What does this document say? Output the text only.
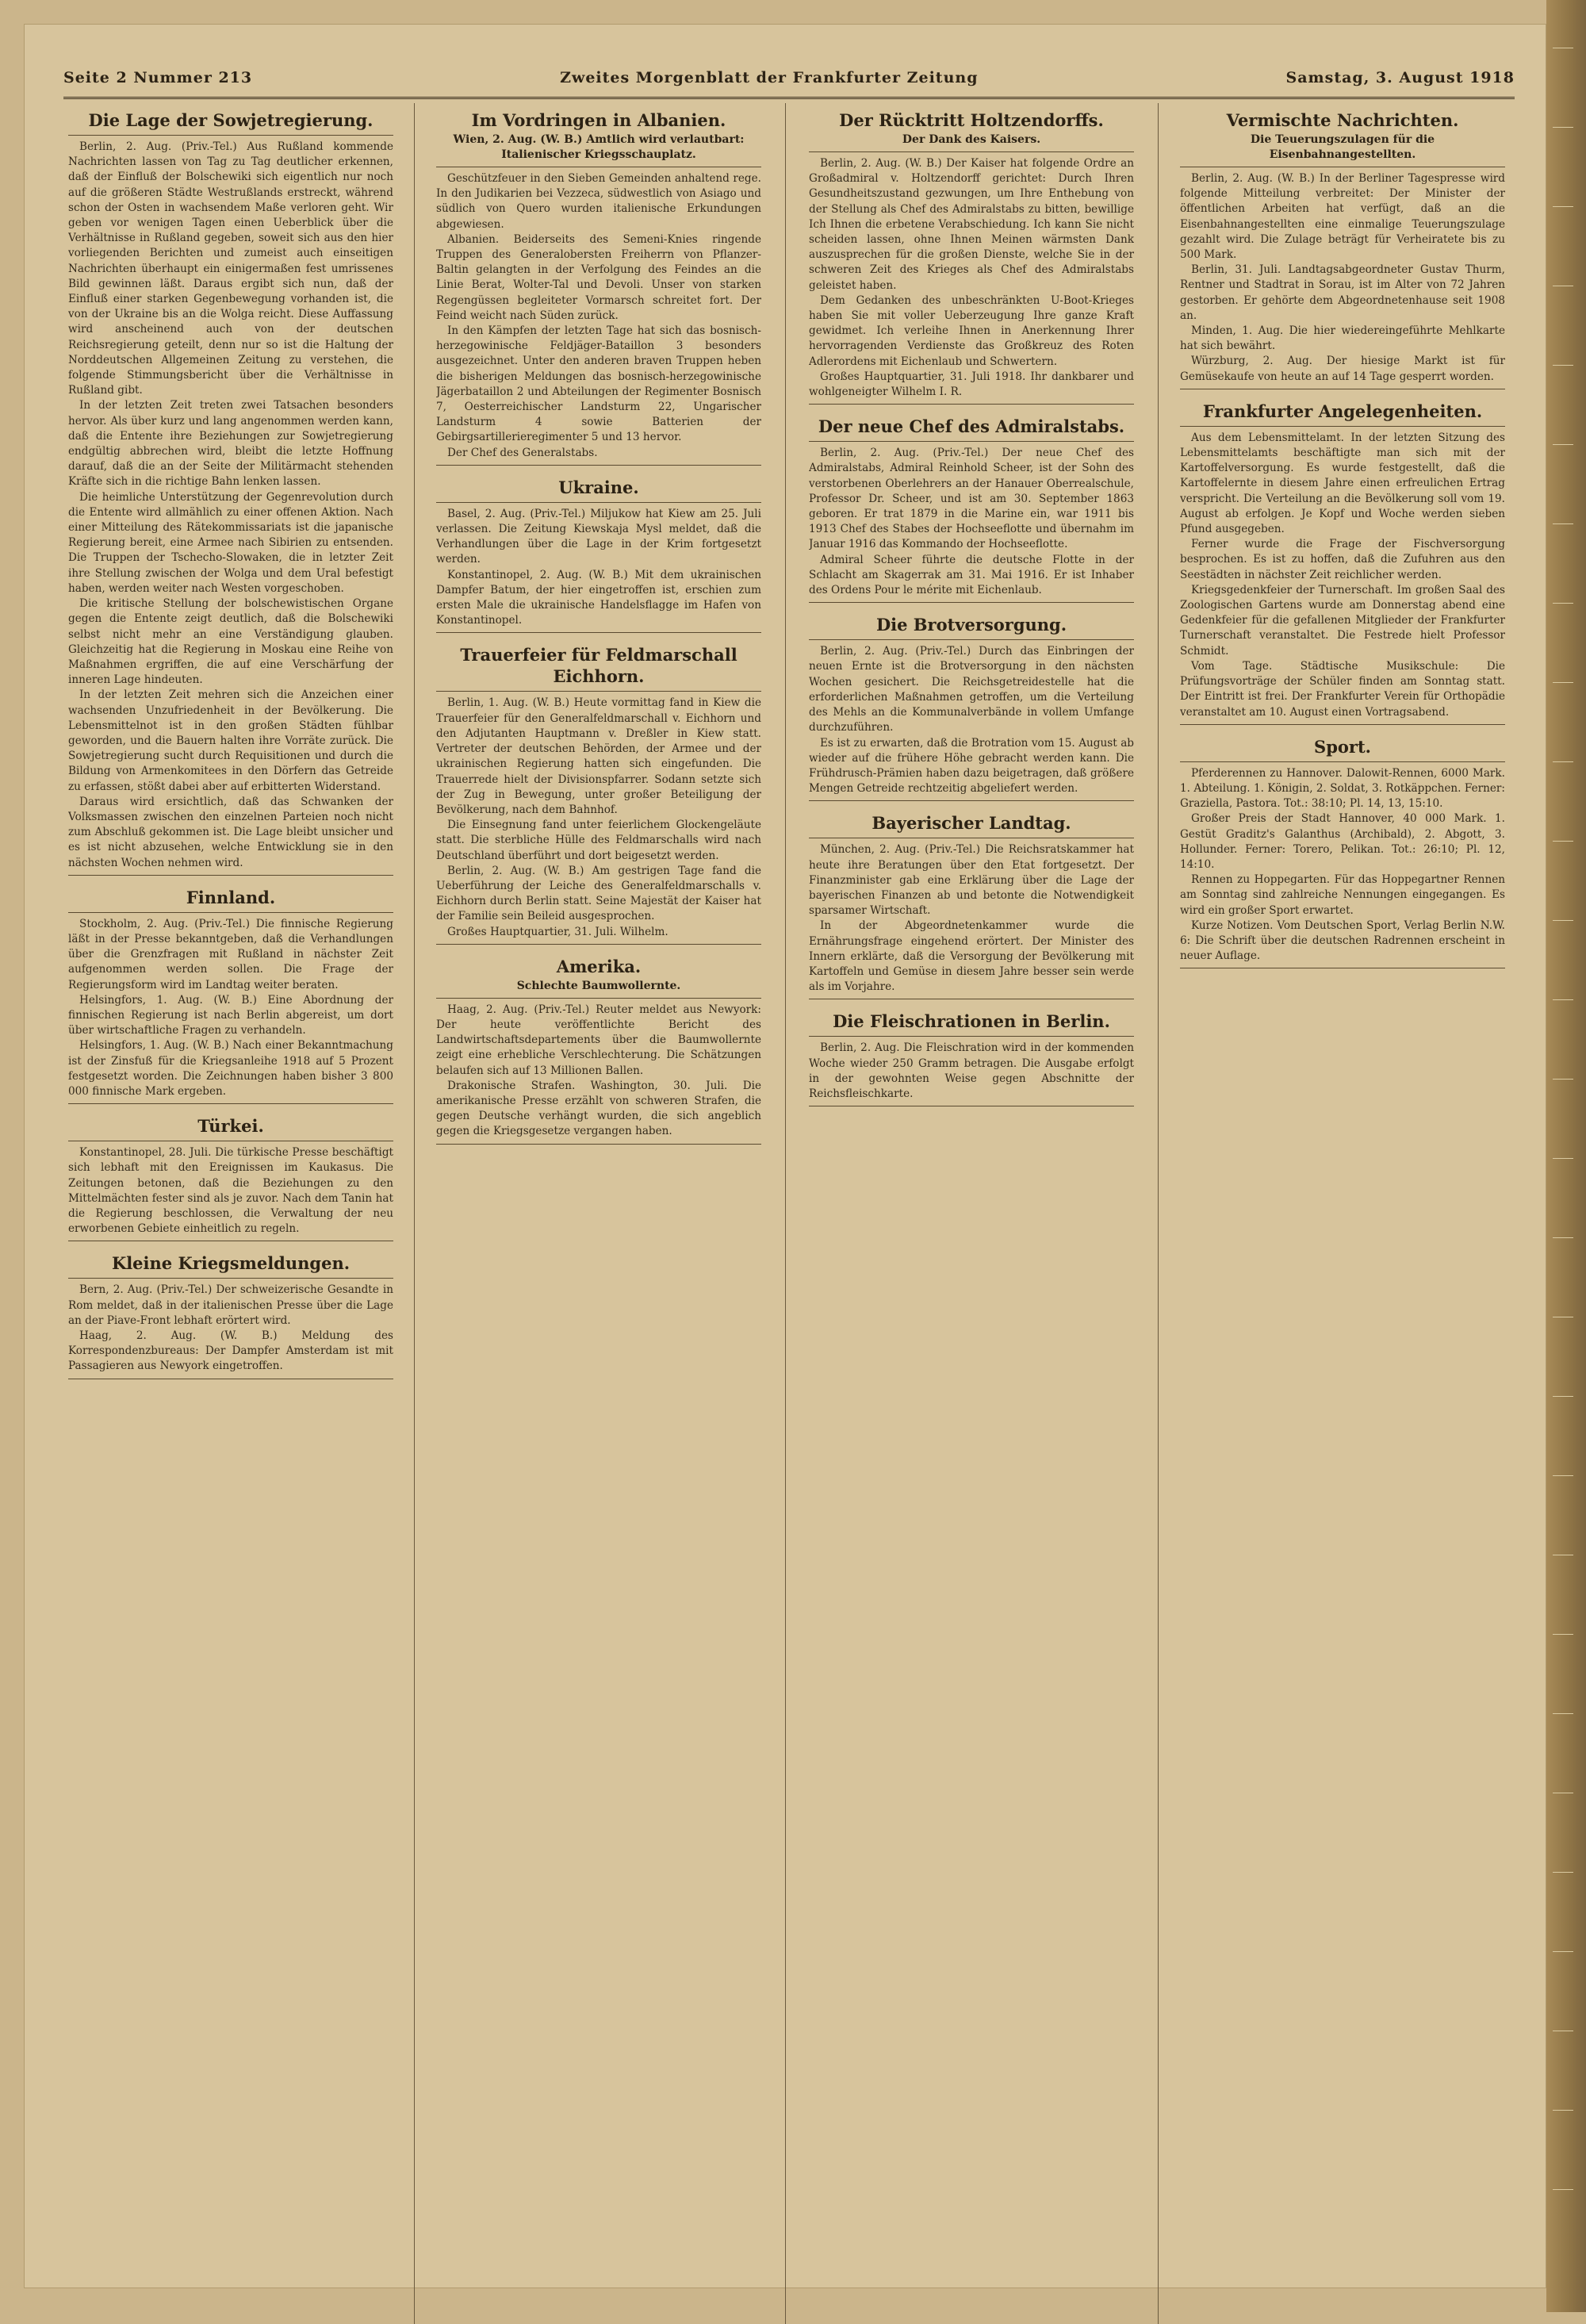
Seite 2 Nummer 213	Zweites Morgenblatt der Frankfurter Zeitung	Samstag, 3. August 1918
Die Lage der Sowjetregierung.

Berlin, 2. Aug. (Priv.-Tel.) Aus Rußland kommende Nachrichten lassen von Tag zu Tag deutlicher erkennen, daß der Einfluß der Bolschewiki sich eigentlich nur noch auf die größeren Städte Westrußlands erstreckt, während schon der Osten in wachsendem Maße verloren geht. Wir geben vor wenigen Tagen einen Ueberblick über die Verhältnisse in Rußland gegeben, soweit sich aus den hier vorliegenden Berichten und zumeist auch einseitigen Nachrichten überhaupt ein einigermaßen fest umrissenes Bild gewinnen läßt. Daraus ergibt sich nun, daß der Einfluß einer starken Gegenbewegung vorhanden ist, die von der Ukraine bis an die Wolga reicht. Diese Auffassung wird anscheinend auch von der deutschen Reichsregierung geteilt, denn nur so ist die Haltung der Norddeutschen Allgemeinen Zeitung zu verstehen, die folgende Stimmungsbericht über die Verhältnisse in Rußland gibt.

In der letzten Zeit treten zwei Tatsachen besonders hervor. Als über kurz und lang angenommen werden kann, daß die Entente ihre Beziehungen zur Sowjetregierung endgültig abbrechen wird, bleibt die letzte Hoffnung darauf, daß die an der Seite der Militärmacht stehenden Kräfte sich in die richtige Bahn lenken lassen.

Die heimliche Unterstützung der Gegenrevolution durch die Entente wird allmählich zu einer offenen Aktion. Nach einer Mitteilung des Rätekommissariats ist die japanische Regierung bereit, eine Armee nach Sibirien zu entsenden. Die Truppen der Tschecho-Slowaken, die in letzter Zeit ihre Stellung zwischen der Wolga und dem Ural befestigt haben, werden weiter nach Westen vorgeschoben.

Die kritische Stellung der bolschewistischen Organe gegen die Entente zeigt deutlich, daß die Bolschewiki selbst nicht mehr an eine Verständigung glauben. Gleichzeitig hat die Regierung in Moskau eine Reihe von Maßnahmen ergriffen, die auf eine Verschärfung der inneren Lage hindeuten.

In der letzten Zeit mehren sich die Anzeichen einer wachsenden Unzufriedenheit in der Bevölkerung. Die Lebensmittelnot ist in den großen Städten fühlbar geworden, und die Bauern halten ihre Vorräte zurück. Die Sowjetregierung sucht durch Requisitionen und durch die Bildung von Armenkomitees in den Dörfern das Getreide zu erfassen, stößt dabei aber auf erbitterten Widerstand.

Daraus wird ersichtlich, daß das Schwanken der Volksmassen zwischen den einzelnen Parteien noch nicht zum Abschluß gekommen ist. Die Lage bleibt unsicher und es ist nicht abzusehen, welche Entwicklung sie in den nächsten Wochen nehmen wird.

Finnland.

Stockholm, 2. Aug. (Priv.-Tel.) Die finnische Regierung läßt in der Presse bekanntgeben, daß die Verhandlungen über die Grenzfragen mit Rußland in nächster Zeit aufgenommen werden sollen. Die Frage der Regierungsform wird im Landtag weiter beraten.

Helsingfors, 1. Aug. (W. B.) Eine Abordnung der finnischen Regierung ist nach Berlin abgereist, um dort über wirtschaftliche Fragen zu verhandeln.

Helsingfors, 1. Aug. (W. B.) Nach einer Bekanntmachung ist der Zinsfuß für die Kriegsanleihe 1918 auf 5 Prozent festgesetzt worden. Die Zeichnungen haben bisher 3 800 000 finnische Mark ergeben.

Türkei.

Konstantinopel, 28. Juli. Die türkische Presse beschäftigt sich lebhaft mit den Ereignissen im Kaukasus. Die Zeitungen betonen, daß die Beziehungen zu den Mittelmächten fester sind als je zuvor. Nach dem Tanin hat die Regierung beschlossen, die Verwaltung der neu erworbenen Gebiete einheitlich zu regeln.

Kleine Kriegsmeldungen.

Bern, 2. Aug. (Priv.-Tel.) Der schweizerische Gesandte in Rom meldet, daß in der italienischen Presse über die Lage an der Piave-Front lebhaft erörtert wird.

Haag, 2. Aug. (W. B.) Meldung des Korrespondenzbureaus: Der Dampfer Amsterdam ist mit Passagieren aus Newyork eingetroffen.

Im Vordringen in Albanien.
Wien, 2. Aug. (W. B.) Amtlich wird verlautbart: Italienischer Kriegsschauplatz.

Geschützfeuer in den Sieben Gemeinden anhaltend rege. In den Judikarien bei Vezzeca, südwestlich von Asiago und südlich von Quero wurden italienische Erkundungen abgewiesen.

Albanien. Beiderseits des Semeni-Knies ringende Truppen des Generalobersten Freiherrn von Pflanzer-Baltin gelangten in der Verfolgung des Feindes an die Linie Berat, Wolter-Tal und Devoli. Unser von starken Regengüssen begleiteter Vormarsch schreitet fort. Der Feind weicht nach Süden zurück.

In den Kämpfen der letzten Tage hat sich das bosnisch-herzegowinische Feldjäger-Bataillon 3 besonders ausgezeichnet. Unter den anderen braven Truppen heben die bisherigen Meldungen das bosnisch-herzegowinische Jägerbataillon 2 und Abteilungen der Regimenter Bosnisch 7, Oesterreichischer Landsturm 22, Ungarischer Landsturm 4 sowie Batterien der Gebirgsartillerieregimenter 5 und 13 hervor.

Der Chef des Generalstabs.

Ukraine.

Basel, 2. Aug. (Priv.-Tel.) Miljukow hat Kiew am 25. Juli verlassen. Die Zeitung Kiewskaja Mysl meldet, daß die Verhandlungen über die Lage in der Krim fortgesetzt werden.

Konstantinopel, 2. Aug. (W. B.) Mit dem ukrainischen Dampfer Batum, der hier eingetroffen ist, erschien zum ersten Male die ukrainische Handelsflagge im Hafen von Konstantinopel.

Trauerfeier für Feldmarschall Eichhorn.

Berlin, 1. Aug. (W. B.) Heute vormittag fand in Kiew die Trauerfeier für den Generalfeldmarschall v. Eichhorn und den Adjutanten Hauptmann v. Dreßler in Kiew statt. Vertreter der deutschen Behörden, der Armee und der ukrainischen Regierung hatten sich eingefunden. Die Trauerrede hielt der Divisionspfarrer. Sodann setzte sich der Zug in Bewegung, unter großer Beteiligung der Bevölkerung, nach dem Bahnhof.

Die Einsegnung fand unter feierlichem Glockengeläute statt. Die sterbliche Hülle des Feldmarschalls wird nach Deutschland überführt und dort beigesetzt werden.

Berlin, 2. Aug. (W. B.) Am gestrigen Tage fand die Ueberführung der Leiche des Generalfeldmarschalls v. Eichhorn durch Berlin statt. Seine Majestät der Kaiser hat der Familie sein Beileid ausgesprochen.

Großes Hauptquartier, 31. Juli. Wilhelm.

Amerika.
Schlechte Baumwollernte.

Haag, 2. Aug. (Priv.-Tel.) Reuter meldet aus Newyork: Der heute veröffentlichte Bericht des Landwirtschaftsdepartements über die Baumwollernte zeigt eine erhebliche Verschlechterung. Die Schätzungen belaufen sich auf 13 Millionen Ballen.

Drakonische Strafen. Washington, 30. Juli. Die amerikanische Presse erzählt von schweren Strafen, die gegen Deutsche verhängt wurden, die sich angeblich gegen die Kriegsgesetze vergangen haben.

Der Rücktritt Holtzendorffs.
Der Dank des Kaisers.

Berlin, 2. Aug. (W. B.) Der Kaiser hat folgende Ordre an Großadmiral v. Holtzendorff gerichtet: Durch Ihren Gesundheitszustand gezwungen, um Ihre Enthebung von der Stellung als Chef des Admiralstabs zu bitten, bewillige Ich Ihnen die erbetene Verabschiedung. Ich kann Sie nicht scheiden lassen, ohne Ihnen Meinen wärmsten Dank auszusprechen für die großen Dienste, welche Sie in der schweren Zeit des Krieges als Chef des Admiralstabs geleistet haben.

Dem Gedanken des unbeschränkten U-Boot-Krieges haben Sie mit voller Ueberzeugung Ihre ganze Kraft gewidmet. Ich verleihe Ihnen in Anerkennung Ihrer hervorragenden Verdienste das Großkreuz des Roten Adlerordens mit Eichenlaub und Schwertern.

Großes Hauptquartier, 31. Juli 1918. Ihr dankbarer und wohlgeneigter Wilhelm I. R.

Der neue Chef des Admiralstabs.

Berlin, 2. Aug. (Priv.-Tel.) Der neue Chef des Admiralstabs, Admiral Reinhold Scheer, ist der Sohn des verstorbenen Oberlehrers an der Hanauer Oberrealschule, Professor Dr. Scheer, und ist am 30. September 1863 geboren. Er trat 1879 in die Marine ein, war 1911 bis 1913 Chef des Stabes der Hochseeflotte und übernahm im Januar 1916 das Kommando der Hochseeflotte.

Admiral Scheer führte die deutsche Flotte in der Schlacht am Skagerrak am 31. Mai 1916. Er ist Inhaber des Ordens Pour le mérite mit Eichenlaub.

Die Brotversorgung.

Berlin, 2. Aug. (Priv.-Tel.) Durch das Einbringen der neuen Ernte ist die Brotversorgung in den nächsten Wochen gesichert. Die Reichsgetreidestelle hat die erforderlichen Maßnahmen getroffen, um die Verteilung des Mehls an die Kommunalverbände in vollem Umfange durchzuführen.

Es ist zu erwarten, daß die Brotration vom 15. August ab wieder auf die frühere Höhe gebracht werden kann. Die Frühdrusch-Prämien haben dazu beigetragen, daß größere Mengen Getreide rechtzeitig abgeliefert werden.

Bayerischer Landtag.

München, 2. Aug. (Priv.-Tel.) Die Reichsratskammer hat heute ihre Beratungen über den Etat fortgesetzt. Der Finanzminister gab eine Erklärung über die Lage der bayerischen Finanzen ab und betonte die Notwendigkeit sparsamer Wirtschaft.

In der Abgeordnetenkammer wurde die Ernährungsfrage eingehend erörtert. Der Minister des Innern erklärte, daß die Versorgung der Bevölkerung mit Kartoffeln und Gemüse in diesem Jahre besser sein werde als im Vorjahre.

Die Fleischrationen in Berlin.

Berlin, 2. Aug. Die Fleischration wird in der kommenden Woche wieder 250 Gramm betragen. Die Ausgabe erfolgt in der gewohnten Weise gegen Abschnitte der Reichsfleischkarte.

Vermischte Nachrichten.
Die Teuerungszulagen für die Eisenbahnangestellten.

Berlin, 2. Aug. (W. B.) In der Berliner Tagespresse wird folgende Mitteilung verbreitet: Der Minister der öffentlichen Arbeiten hat verfügt, daß an die Eisenbahnangestellten eine einmalige Teuerungszulage gezahlt wird. Die Zulage beträgt für Verheiratete bis zu 500 Mark.

Berlin, 31. Juli. Landtagsabgeordneter Gustav Thurm, Rentner und Stadtrat in Sorau, ist im Alter von 72 Jahren gestorben. Er gehörte dem Abgeordnetenhause seit 1908 an.

Minden, 1. Aug. Die hier wiedereingeführte Mehlkarte hat sich bewährt.

Würzburg, 2. Aug. Der hiesige Markt ist für Gemüsekaufe von heute an auf 14 Tage gesperrt worden.

Frankfurter Angelegenheiten.

Aus dem Lebensmittelamt. In der letzten Sitzung des Lebensmittelamts beschäftigte man sich mit der Kartoffelversorgung. Es wurde festgestellt, daß die Kartoffelernte in diesem Jahre einen erfreulichen Ertrag verspricht. Die Verteilung an die Bevölkerung soll vom 19. August ab erfolgen. Je Kopf und Woche werden sieben Pfund ausgegeben.

Ferner wurde die Frage der Fischversorgung besprochen. Es ist zu hoffen, daß die Zufuhren aus den Seestädten in nächster Zeit reichlicher werden.

Kriegsgedenkfeier der Turnerschaft. Im großen Saal des Zoologischen Gartens wurde am Donnerstag abend eine Gedenkfeier für die gefallenen Mitglieder der Frankfurter Turnerschaft veranstaltet. Die Festrede hielt Professor Schmidt.

Vom Tage. Städtische Musikschule: Die Prüfungsvorträge der Schüler finden am Sonntag statt. Der Eintritt ist frei. Der Frankfurter Verein für Orthopädie veranstaltet am 10. August einen Vortragsabend.

Sport.

Pferderennen zu Hannover. Dalowit-Rennen, 6000 Mark. 1. Abteilung. 1. Königin, 2. Soldat, 3. Rotkäppchen. Ferner: Graziella, Pastora. Tot.: 38:10; Pl. 14, 13, 15:10.

Großer Preis der Stadt Hannover, 40 000 Mark. 1. Gestüt Graditz's Galanthus (Archibald), 2. Abgott, 3. Hollunder. Ferner: Torero, Pelikan. Tot.: 26:10; Pl. 12, 14:10.

Rennen zu Hoppegarten. Für das Hoppegartner Rennen am Sonntag sind zahlreiche Nennungen eingegangen. Es wird ein großer Sport erwartet.

Kurze Notizen. Vom Deutschen Sport, Verlag Berlin N.W. 6: Die Schrift über die deutschen Radrennen erscheint in neuer Auflage.
